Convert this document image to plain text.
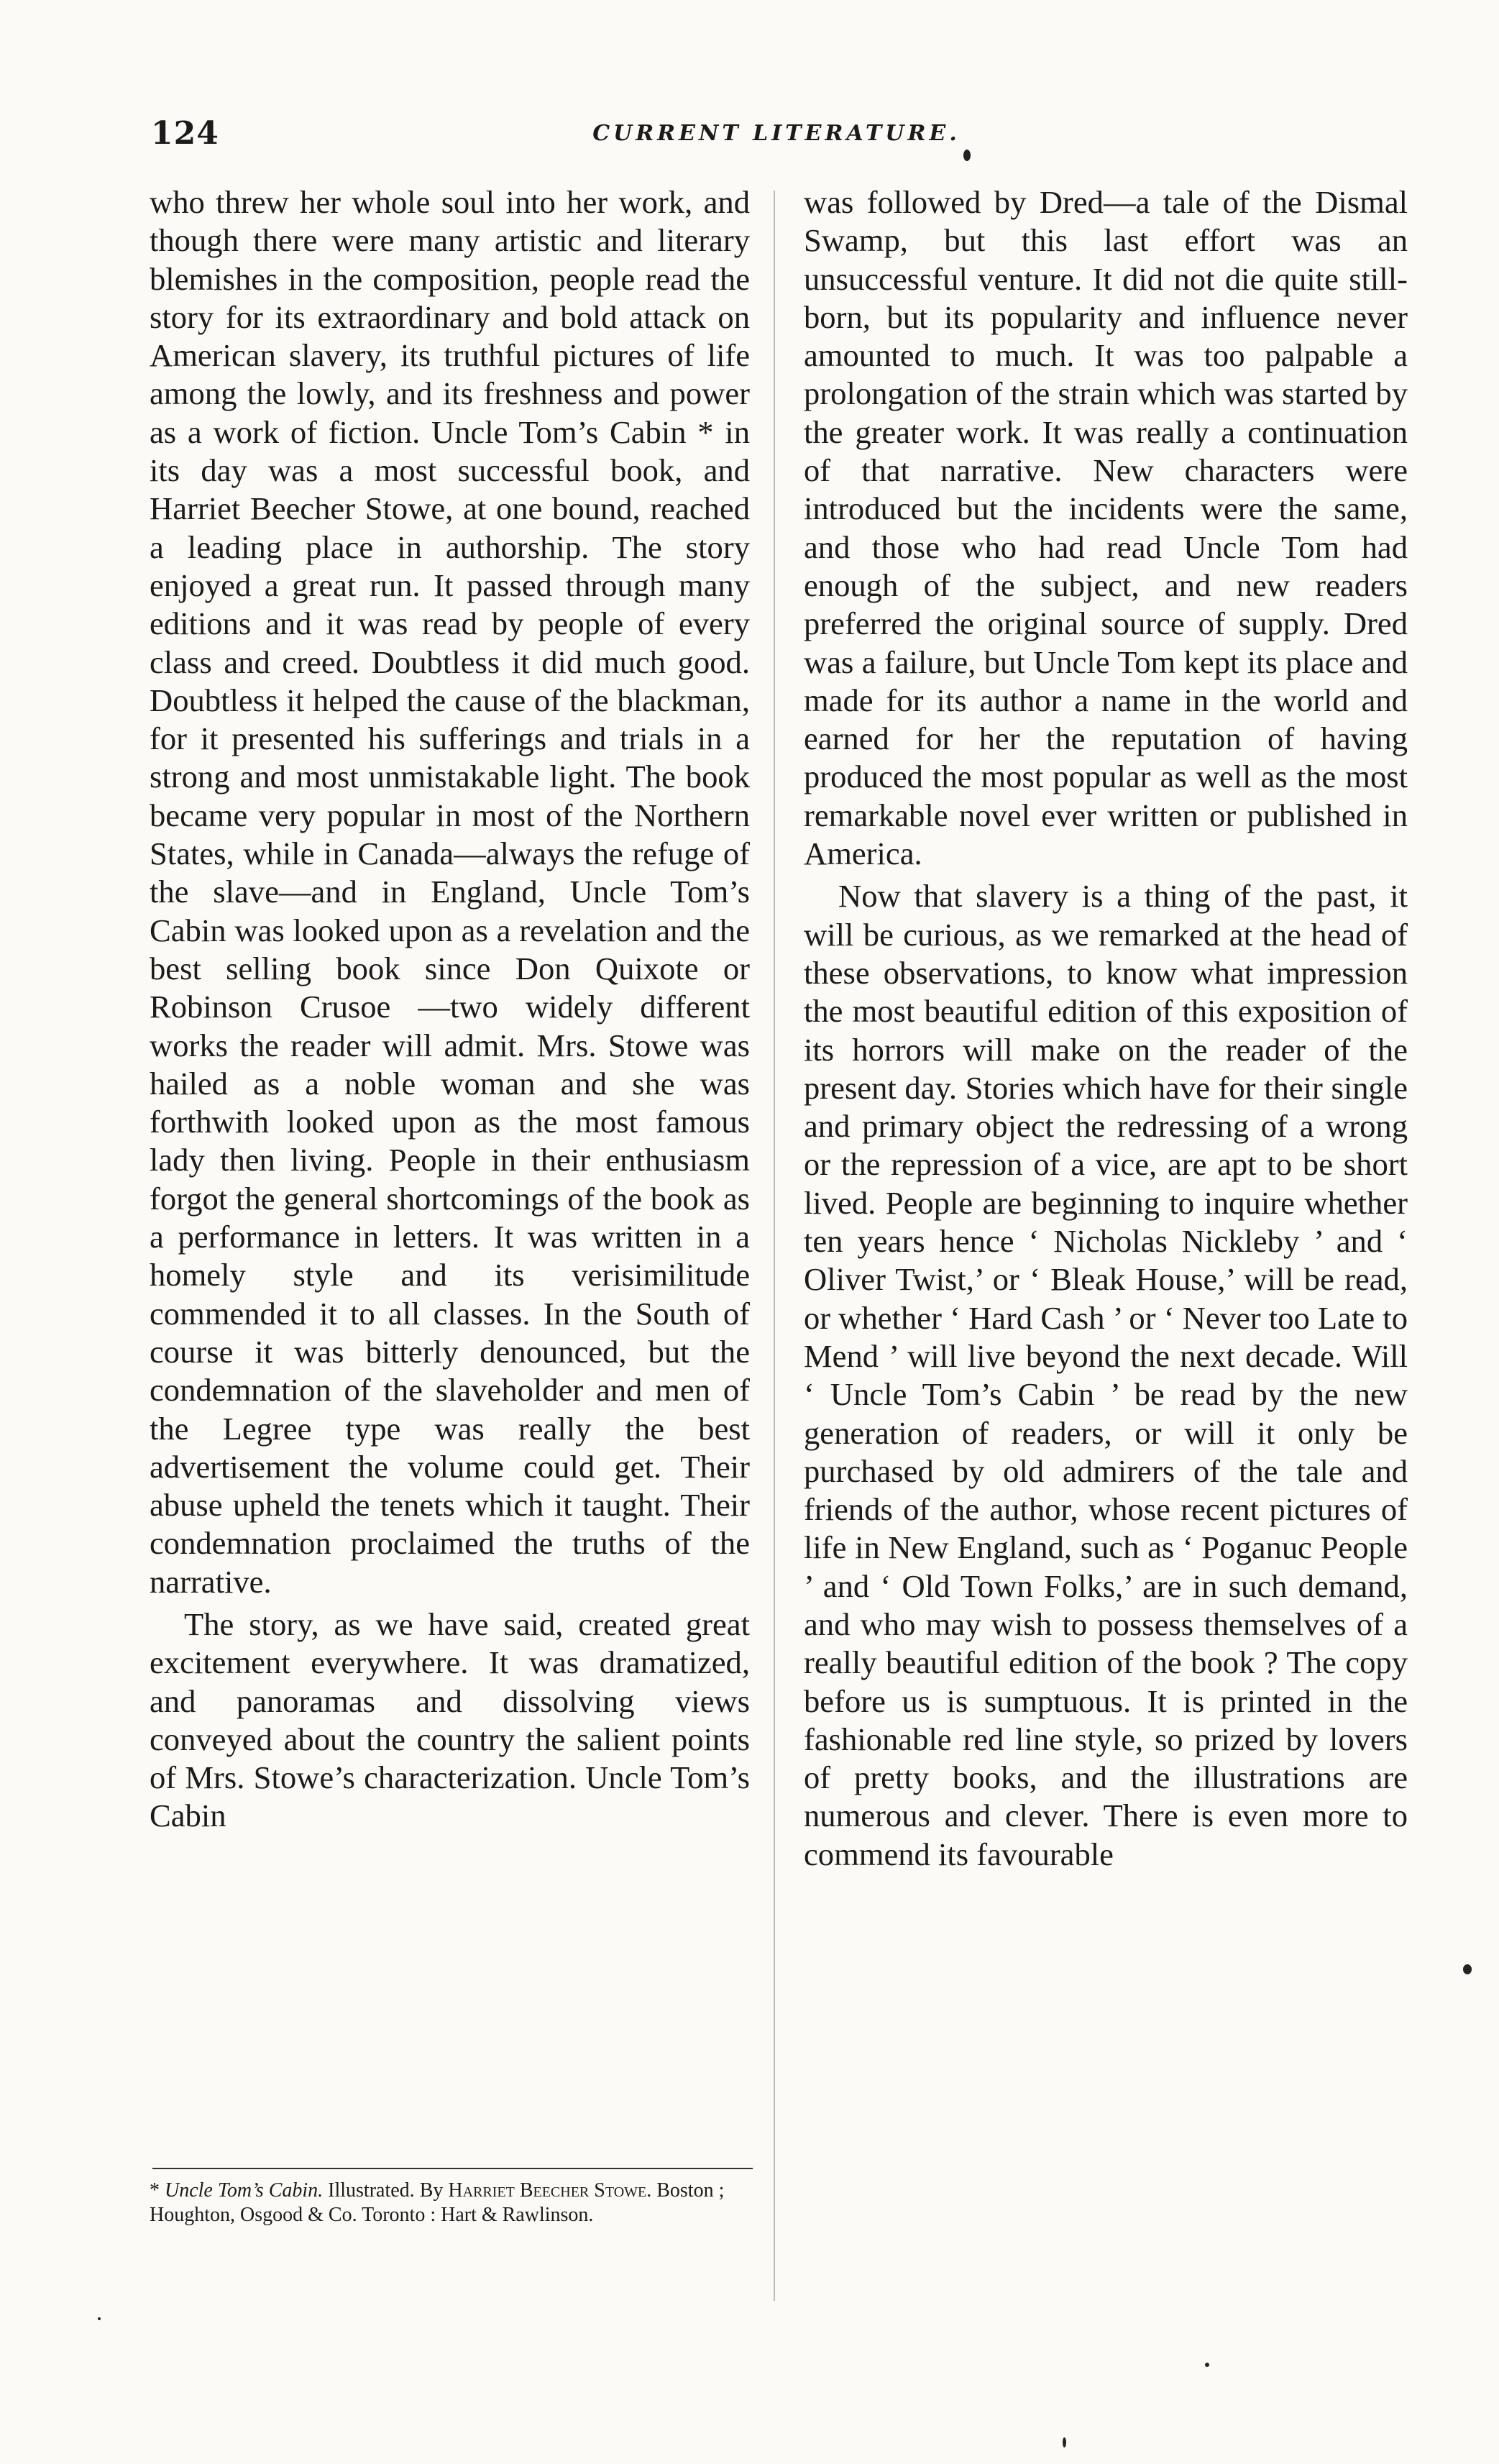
124	CURRENT LITERATURE.

who threw her whole soul into her work, and though there were many artistic and literary blemishes in the composition, people read the story for its extraordinary and bold attack on American slavery, its truthful pictures of life among the lowly, and its freshness and power as a work of fiction. Uncle Tom’s Cabin * in its day was a most successful book, and Harriet Beecher Stowe, at one bound, reached a leading place in authorship. The story enjoyed a great run. It passed through many editions and it was read by people of every class and creed. Doubtless it did much good. Doubtless it helped the cause of the blackman, for it presented his sufferings and trials in a strong and most unmistakable light. The book became very popular in most of the Northern States, while in Canada—always the refuge of the slave—and in England, Uncle Tom’s Cabin was looked upon as a revelation and the best selling book since Don Quixote or Robinson Crusoe —two widely different works the reader will admit. Mrs. Stowe was hailed as a noble woman and she was forthwith looked upon as the most famous lady then living. People in their enthusiasm forgot the general shortcomings of the book as a performance in letters. It was written in a homely style and its verisimilitude commended it to all classes. In the South of course it was bitterly denounced, but the condemnation of the slaveholder and men of the Legree type was really the best advertisement the volume could get. Their abuse upheld the tenets which it taught. Their condemnation proclaimed the truths of the narrative.

The story, as we have said, created great excitement everywhere. It was dramatized, and panoramas and dissolving views conveyed about the country the salient points of Mrs. Stowe’s characterization. Uncle Tom’s Cabin

was followed by Dred—a tale of the Dismal Swamp, but this last effort was an unsuccessful venture. It did not die quite still-born, but its popularity and influence never amounted to much. It was too palpable a prolongation of the strain which was started by the greater work. It was really a continuation of that narrative. New characters were introduced but the incidents were the same, and those who had read Uncle Tom had enough of the subject, and new readers preferred the original source of supply. Dred was a failure, but Uncle Tom kept its place and made for its author a name in the world and earned for her the reputation of having produced the most popular as well as the most remarkable novel ever written or published in America.

Now that slavery is a thing of the past, it will be curious, as we remarked at the head of these observations, to know what impression the most beautiful edition of this exposition of its horrors will make on the reader of the present day. Stories which have for their single and primary object the redressing of a wrong or the repression of a vice, are apt to be short lived. People are beginning to inquire whether ten years hence ‘ Nicholas Nickleby ’ and ‘ Oliver Twist,’ or ‘ Bleak House,’ will be read, or whether ‘ Hard Cash ’ or ‘ Never too Late to Mend ’ will live beyond the next decade. Will ‘ Uncle Tom’s Cabin ’ be read by the new generation of readers, or will it only be purchased by old admirers of the tale and friends of the author, whose recent pictures of life in New England, such as ‘ Poganuc People ’ and ‘ Old Town Folks,’ are in such demand, and who may wish to possess themselves of a really beautiful edition of the book ? The copy before us is sumptuous. It is printed in the fashionable red line style, so prized by lovers of pretty books, and the illustrations are numerous and clever. There is even more to commend its favourable

* Uncle Tom’s Cabin. Illustrated. By Harriet Beecher Stowe. Boston ; Houghton, Osgood & Co. Toronto : Hart & Rawlinson.
